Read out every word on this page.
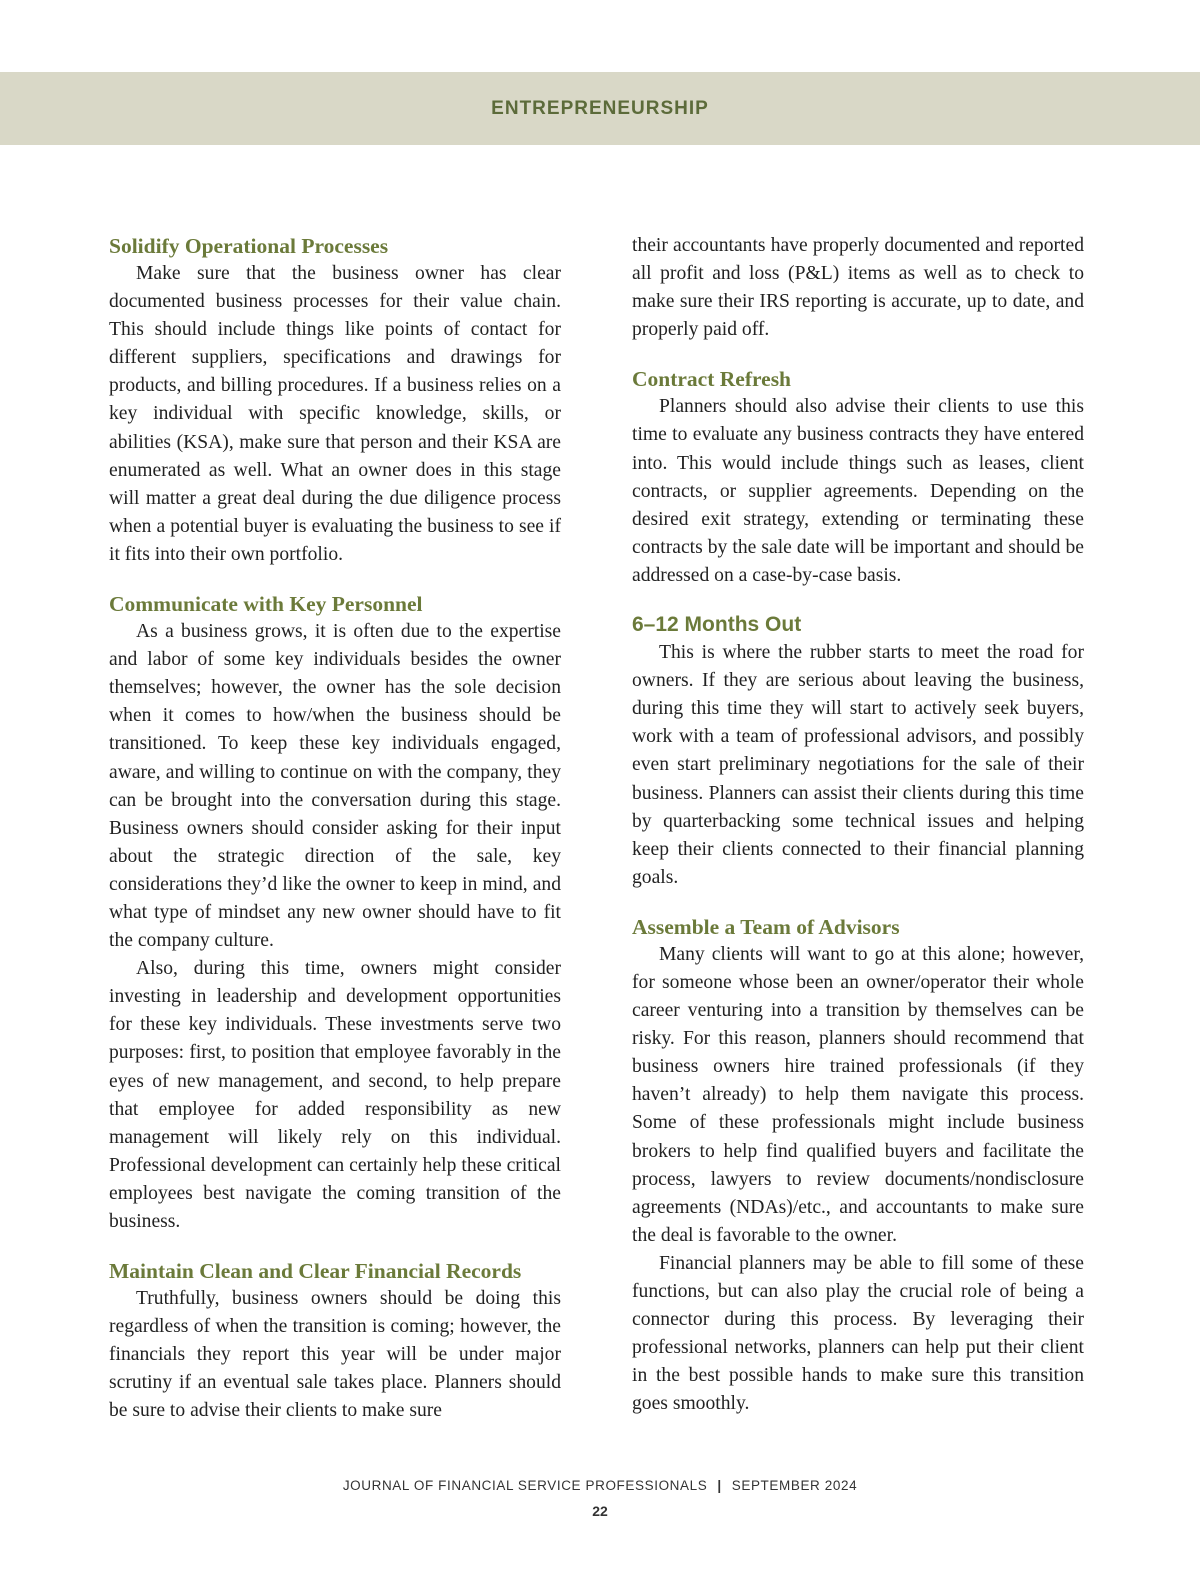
ENTREPRENEURSHIP
Solidify Operational Processes

Make sure that the business owner has clear documented business processes for their value chain. This should include things like points of contact for different suppliers, specifications and drawings for products, and billing procedures. If a business relies on a key individual with specific knowledge, skills, or abilities (KSA), make sure that person and their KSA are enumerated as well. What an owner does in this stage will matter a great deal during the due diligence process when a potential buyer is evaluating the business to see if it fits into their own portfolio.

Communicate with Key Personnel

As a business grows, it is often due to the expertise and labor of some key individuals besides the owner themselves; however, the owner has the sole decision when it comes to how/when the business should be transitioned. To keep these key individuals engaged, aware, and willing to continue on with the company, they can be brought into the conversation during this stage. Business owners should consider asking for their input about the strategic direction of the sale, key considerations they’d like the owner to keep in mind, and what type of mindset any new owner should have to fit the company culture.

Also, during this time, owners might consider investing in leadership and development opportunities for these key individuals. These investments serve two purposes: first, to position that employee favorably in the eyes of new management, and second, to help prepare that employee for added responsibility as new management will likely rely on this individual. Professional development can certainly help these critical employees best navigate the coming transition of the business.

Maintain Clean and Clear Financial Records

Truthfully, business owners should be doing this regardless of when the transition is coming; however, the financials they report this year will be under major scrutiny if an eventual sale takes place. Planners should be sure to advise their clients to make sure

their accountants have properly documented and reported all profit and loss (P&L) items as well as to check to make sure their IRS reporting is accurate, up to date, and properly paid off.

Contract Refresh

Planners should also advise their clients to use this time to evaluate any business contracts they have entered into. This would include things such as leases, client contracts, or supplier agreements. Depending on the desired exit strategy, extending or terminating these contracts by the sale date will be important and should be addressed on a case-by-case basis.

6–12 Months Out

This is where the rubber starts to meet the road for owners. If they are serious about leaving the business, during this time they will start to actively seek buyers, work with a team of professional advisors, and possibly even start preliminary negotiations for the sale of their business. Planners can assist their clients during this time by quarterbacking some technical issues and helping keep their clients connected to their financial planning goals.

Assemble a Team of Advisors

Many clients will want to go at this alone; however, for someone whose been an owner/operator their whole career venturing into a transition by themselves can be risky. For this reason, planners should recommend that business owners hire trained professionals (if they haven’t already) to help them navigate this process. Some of these professionals might include business brokers to help find qualified buyers and facilitate the process, lawyers to review documents/nondisclosure agreements (NDAs)/etc., and accountants to make sure the deal is favorable to the owner.

Financial planners may be able to fill some of these functions, but can also play the crucial role of being a connector during this process. By leveraging their professional networks, planners can help put their client in the best possible hands to make sure this transition goes smoothly.

JOURNAL OF FINANCIAL SERVICE PROFESSIONALS | SEPTEMBER 2024
22
